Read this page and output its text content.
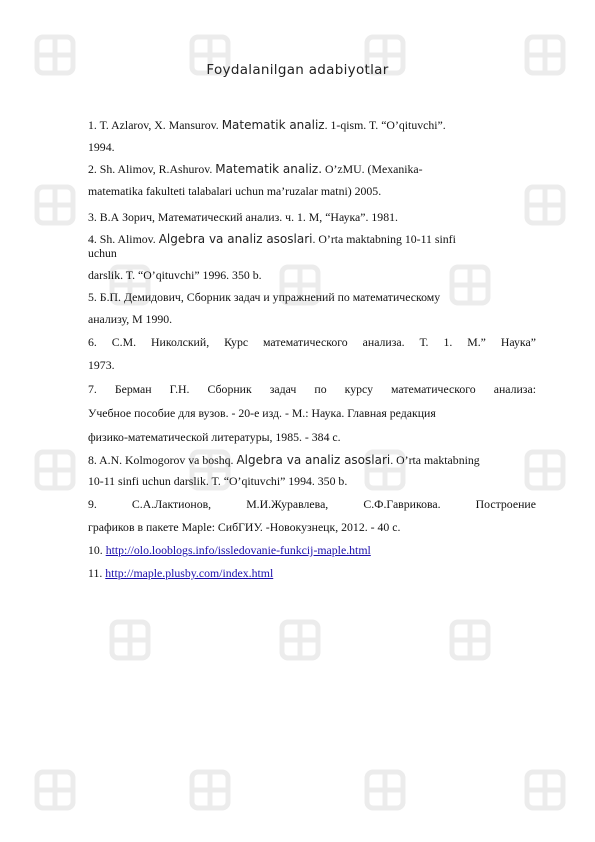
Foydalanilgan adabiyotlar
1. T. Azlarov, X. Mansurov. Matematik analiz. 1-qism. T. “O’qituvchi”.
1994.
2. Sh. Alimov, R.Ashurov. Matematik analiz. O’zMU. (Mexanika-
matematika fakulteti talabalari uchun ma’ruzalar matni) 2005.
3. В.А Зорич, Математический анализ. ч. 1. М, “Наука”. 1981.
4. Sh. Alimov. Algebra va analiz asoslari. O’rta maktabning 10-11 sinfi
uchun
darslik. T. “O’qituvchi” 1996. 350 b.
5. Б.П. Демидович, Сборник задач и упражнений по математическому
анализу, M 1990.
6. С.М. Николский, Курс математического анализа. Т. 1. М.” Наука”
1973.
7. Берман Г.Н. Сборник задач по курсу математического анализа:
Учебное пособие для вузов. - 20-е изд. - М.: Наука. Главная редакция
физико-математической литературы, 1985. - 384 с.
8. A.N. Kolmogorov va boshq. Algebra va analiz asoslari. O’rta maktabning
10-11 sinfi uchun darslik. T. “O’qituvchi” 1994. 350 b.
9.	С.А.Лактионов,	М.И.Журавлева,	С.Ф.Гаврикова.	Построение
графиков в пакете Maple: СибГИУ. -Новокузнецк, 2012. - 40 с.
10. http://olo.looblogs.info/issledovanie-funkcij-maple.html
11. http://maple.plusby.com/index.html
